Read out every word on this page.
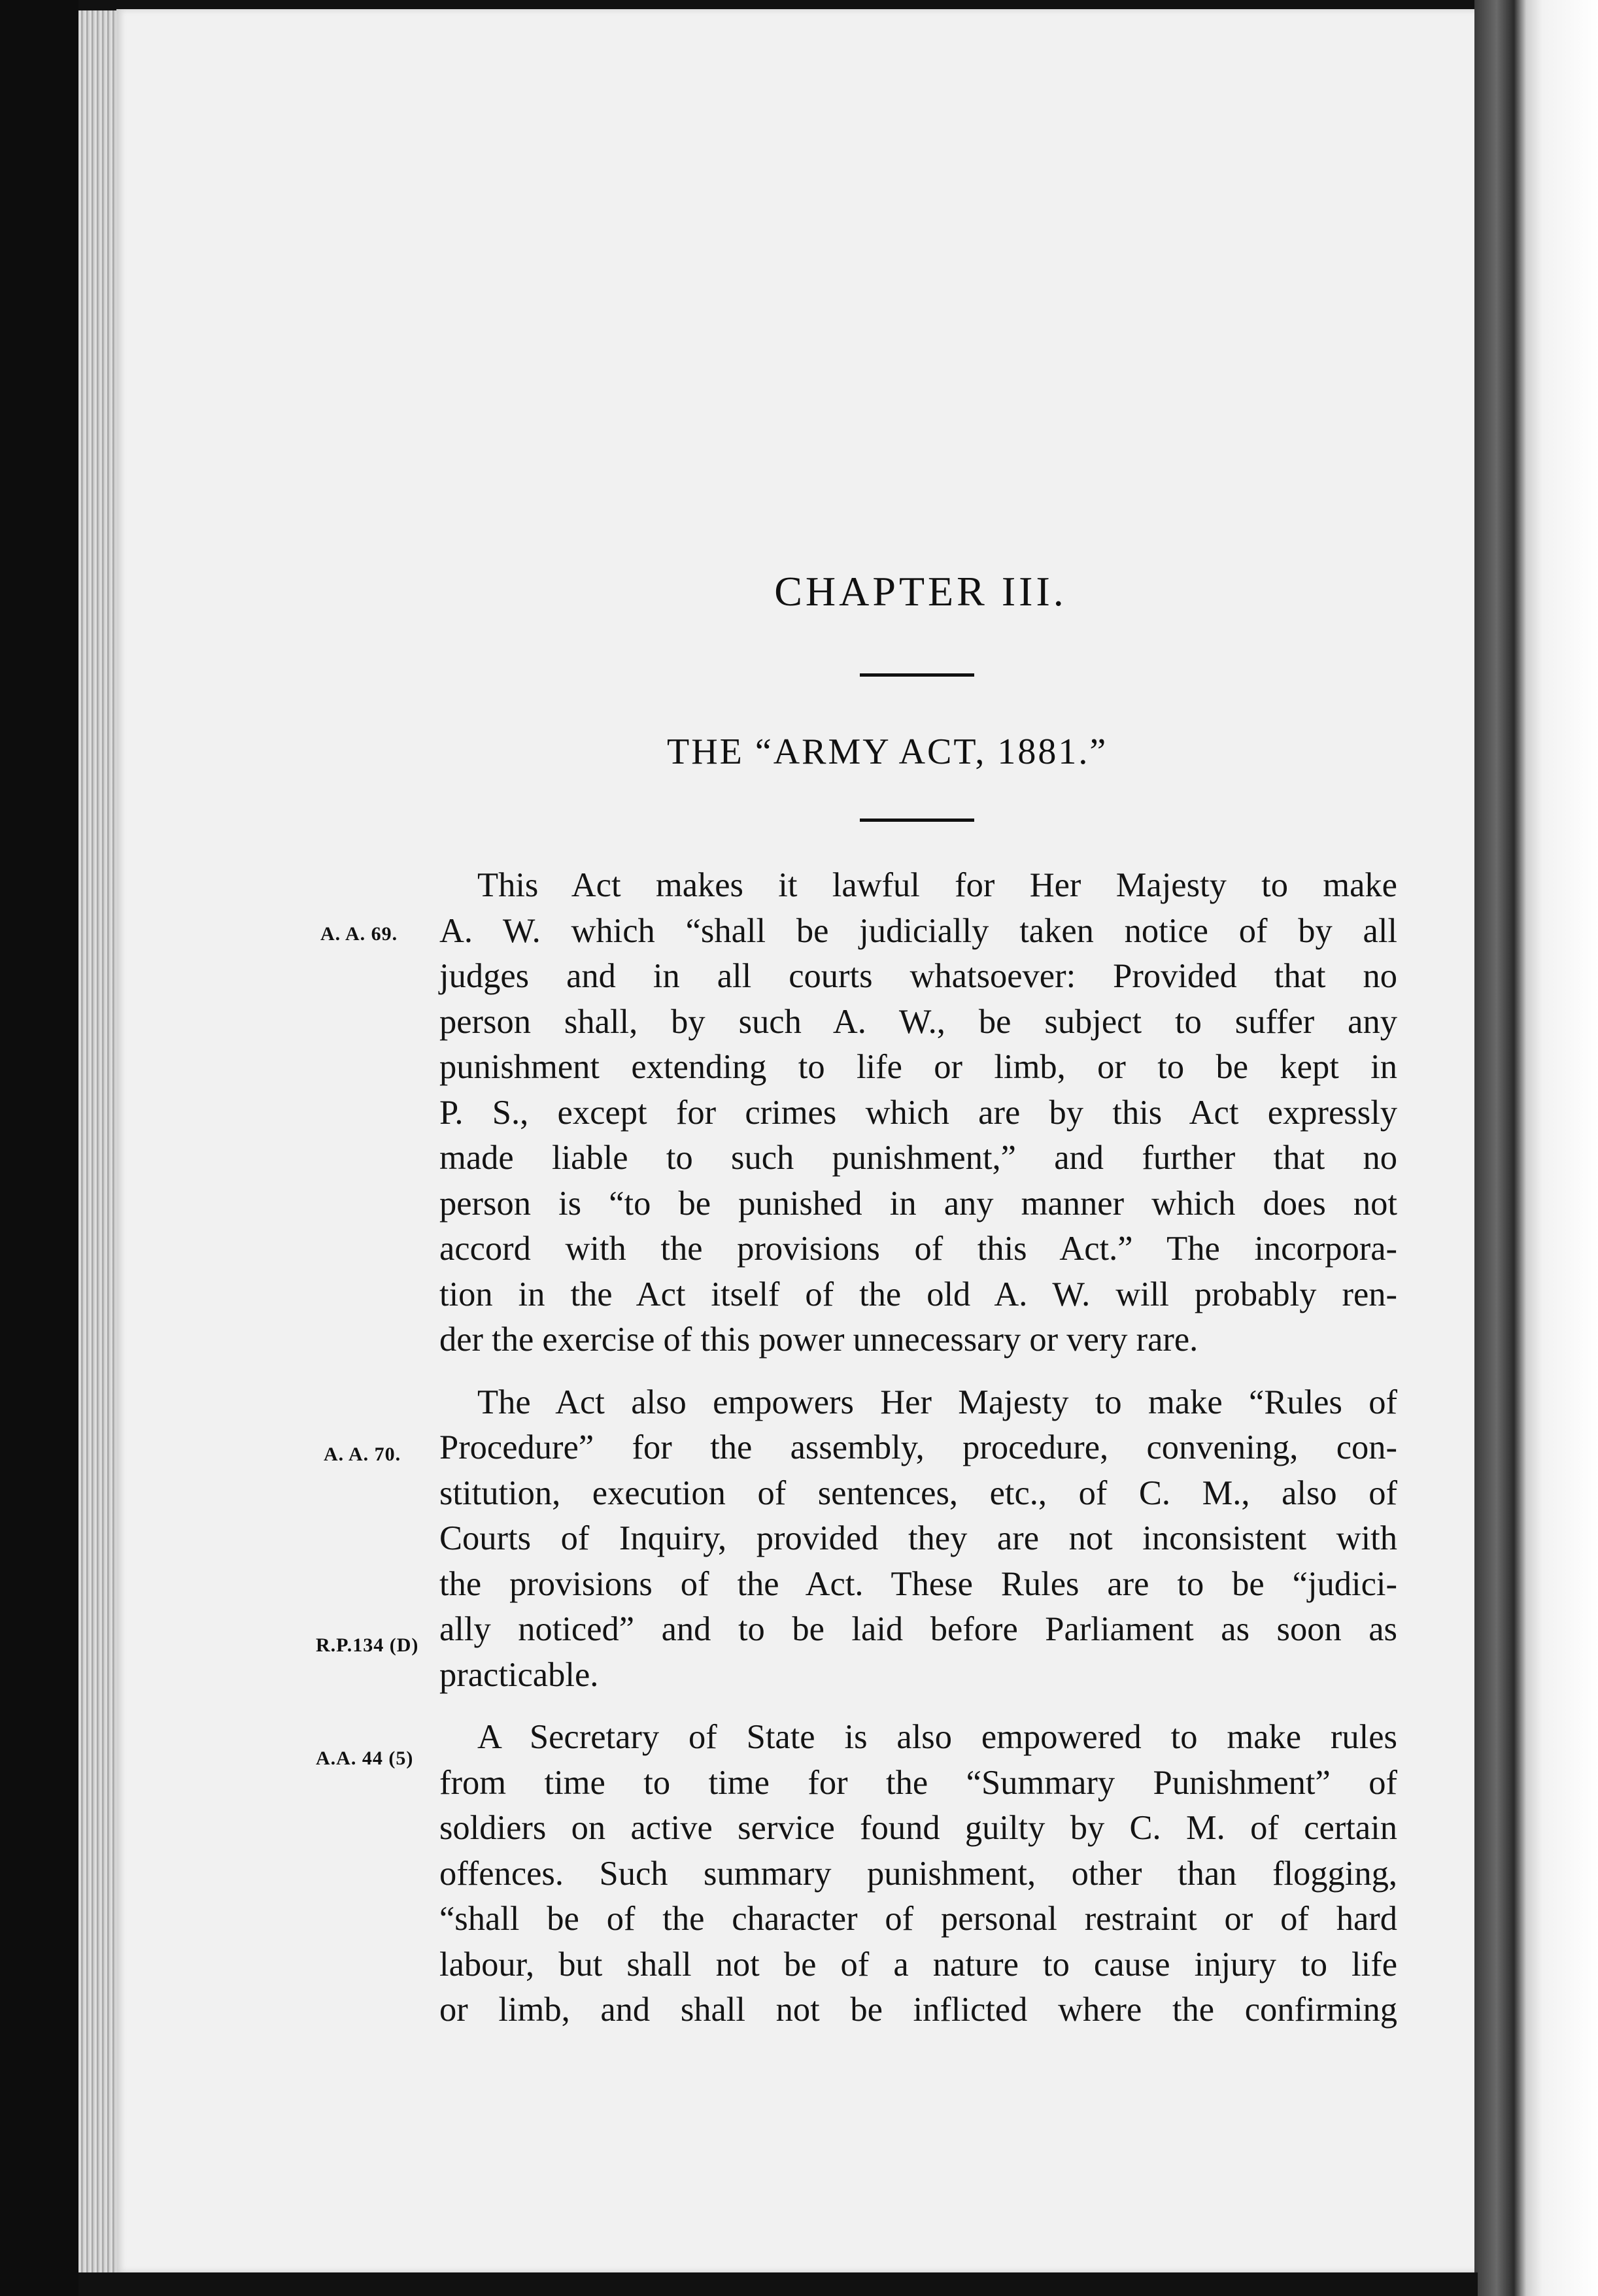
CHAPTER III.
THE “ARMY ACT, 1881.”
A. A. 69.
A. A. 70.
R.P.134 (D)
A.A. 44 (5)

This Act makes it lawful for Her Majesty to make
A. W. which “shall be judicially taken notice of by all
judges and in all courts whatsoever: Provided that no
person shall, by such A. W., be subject to suffer any
punishment extending to life or limb, or to be kept in
P. S., except for crimes which are by this Act expressly
made liable to such punishment,” and further that no
person is “to be punished in any manner which does not
accord with the provisions of this Act.” The incorpora-
tion in the Act itself of the old A. W. will probably ren-
der the exercise of this power unnecessary or very rare.

The Act also empowers Her Majesty to make “Rules of
Procedure” for the assembly, procedure, convening, con-
stitution, execution of sentences, etc., of C. M., also of
Courts of Inquiry, provided they are not inconsistent with
the provisions of the Act. These Rules are to be “judici-
ally noticed” and to be laid before Parliament as soon as
practicable.

A Secretary of State is also empowered to make rules
from time to time for the “Summary Punishment” of
soldiers on active service found guilty by C. M. of certain
offences. Such summary punishment, other than flogging,
“shall be of the character of personal restraint or of hard
labour, but shall not be of a nature to cause injury to life
or limb, and shall not be inflicted where the confirming
